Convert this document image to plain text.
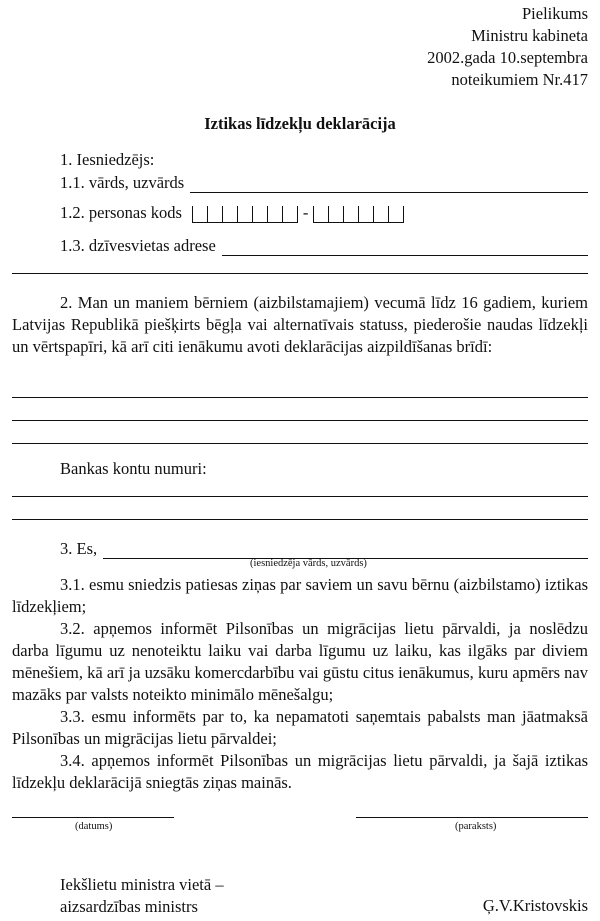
Pielikums
Ministru kabineta
2002.gada 10.septembra
noteikumiem Nr.417
Iztikas līdzekļu deklarācija
1. Iesniedzējs:
1.1. vārds, uzvārds
1.2. personas kods	-
1.3. dzīvesvietas adrese
2. Man un maniem bērniem (aizbilstamajiem) vecumā līdz 16 gadiem, kuriem Latvijas Republikā piešķirts bēgļa vai alternatīvais statuss, piederošie naudas līdzekļi un vērtspapīri, kā arī citi ienākumu avoti deklarācijas aizpildīšanas brīdī:
Bankas kontu numuri:
3. Es,
(iesniedzēja vārds, uzvārds)
3.1. esmu sniedzis patiesas ziņas par saviem un savu bērnu (aizbilstamo) iztikas līdzekļiem;
3.2. apņemos informēt Pilsonības un migrācijas lietu pārvaldi, ja noslēdzu darba līgumu uz nenoteiktu laiku vai darba līgumu uz laiku, kas ilgāks par diviem mēnešiem, kā arī ja uzsāku komercdarbību vai gūstu citus ienākumus, kuru apmērs nav mazāks par valsts noteikto minimālo mēnešalgu;
3.3. esmu informēts par to, ka nepamatoti saņemtais pabalsts man jāatmaksā Pilsonības un migrācijas lietu pārvaldei;
3.4. apņemos informēt Pilsonības un migrācijas lietu pārvaldi, ja šajā iztikas līdzekļu deklarācijā sniegtās ziņas mainās.
(datums)	(paraksts)
Iekšlietu ministra vietā –
aizsardzības ministrs	Ģ.V.Kristovskis
